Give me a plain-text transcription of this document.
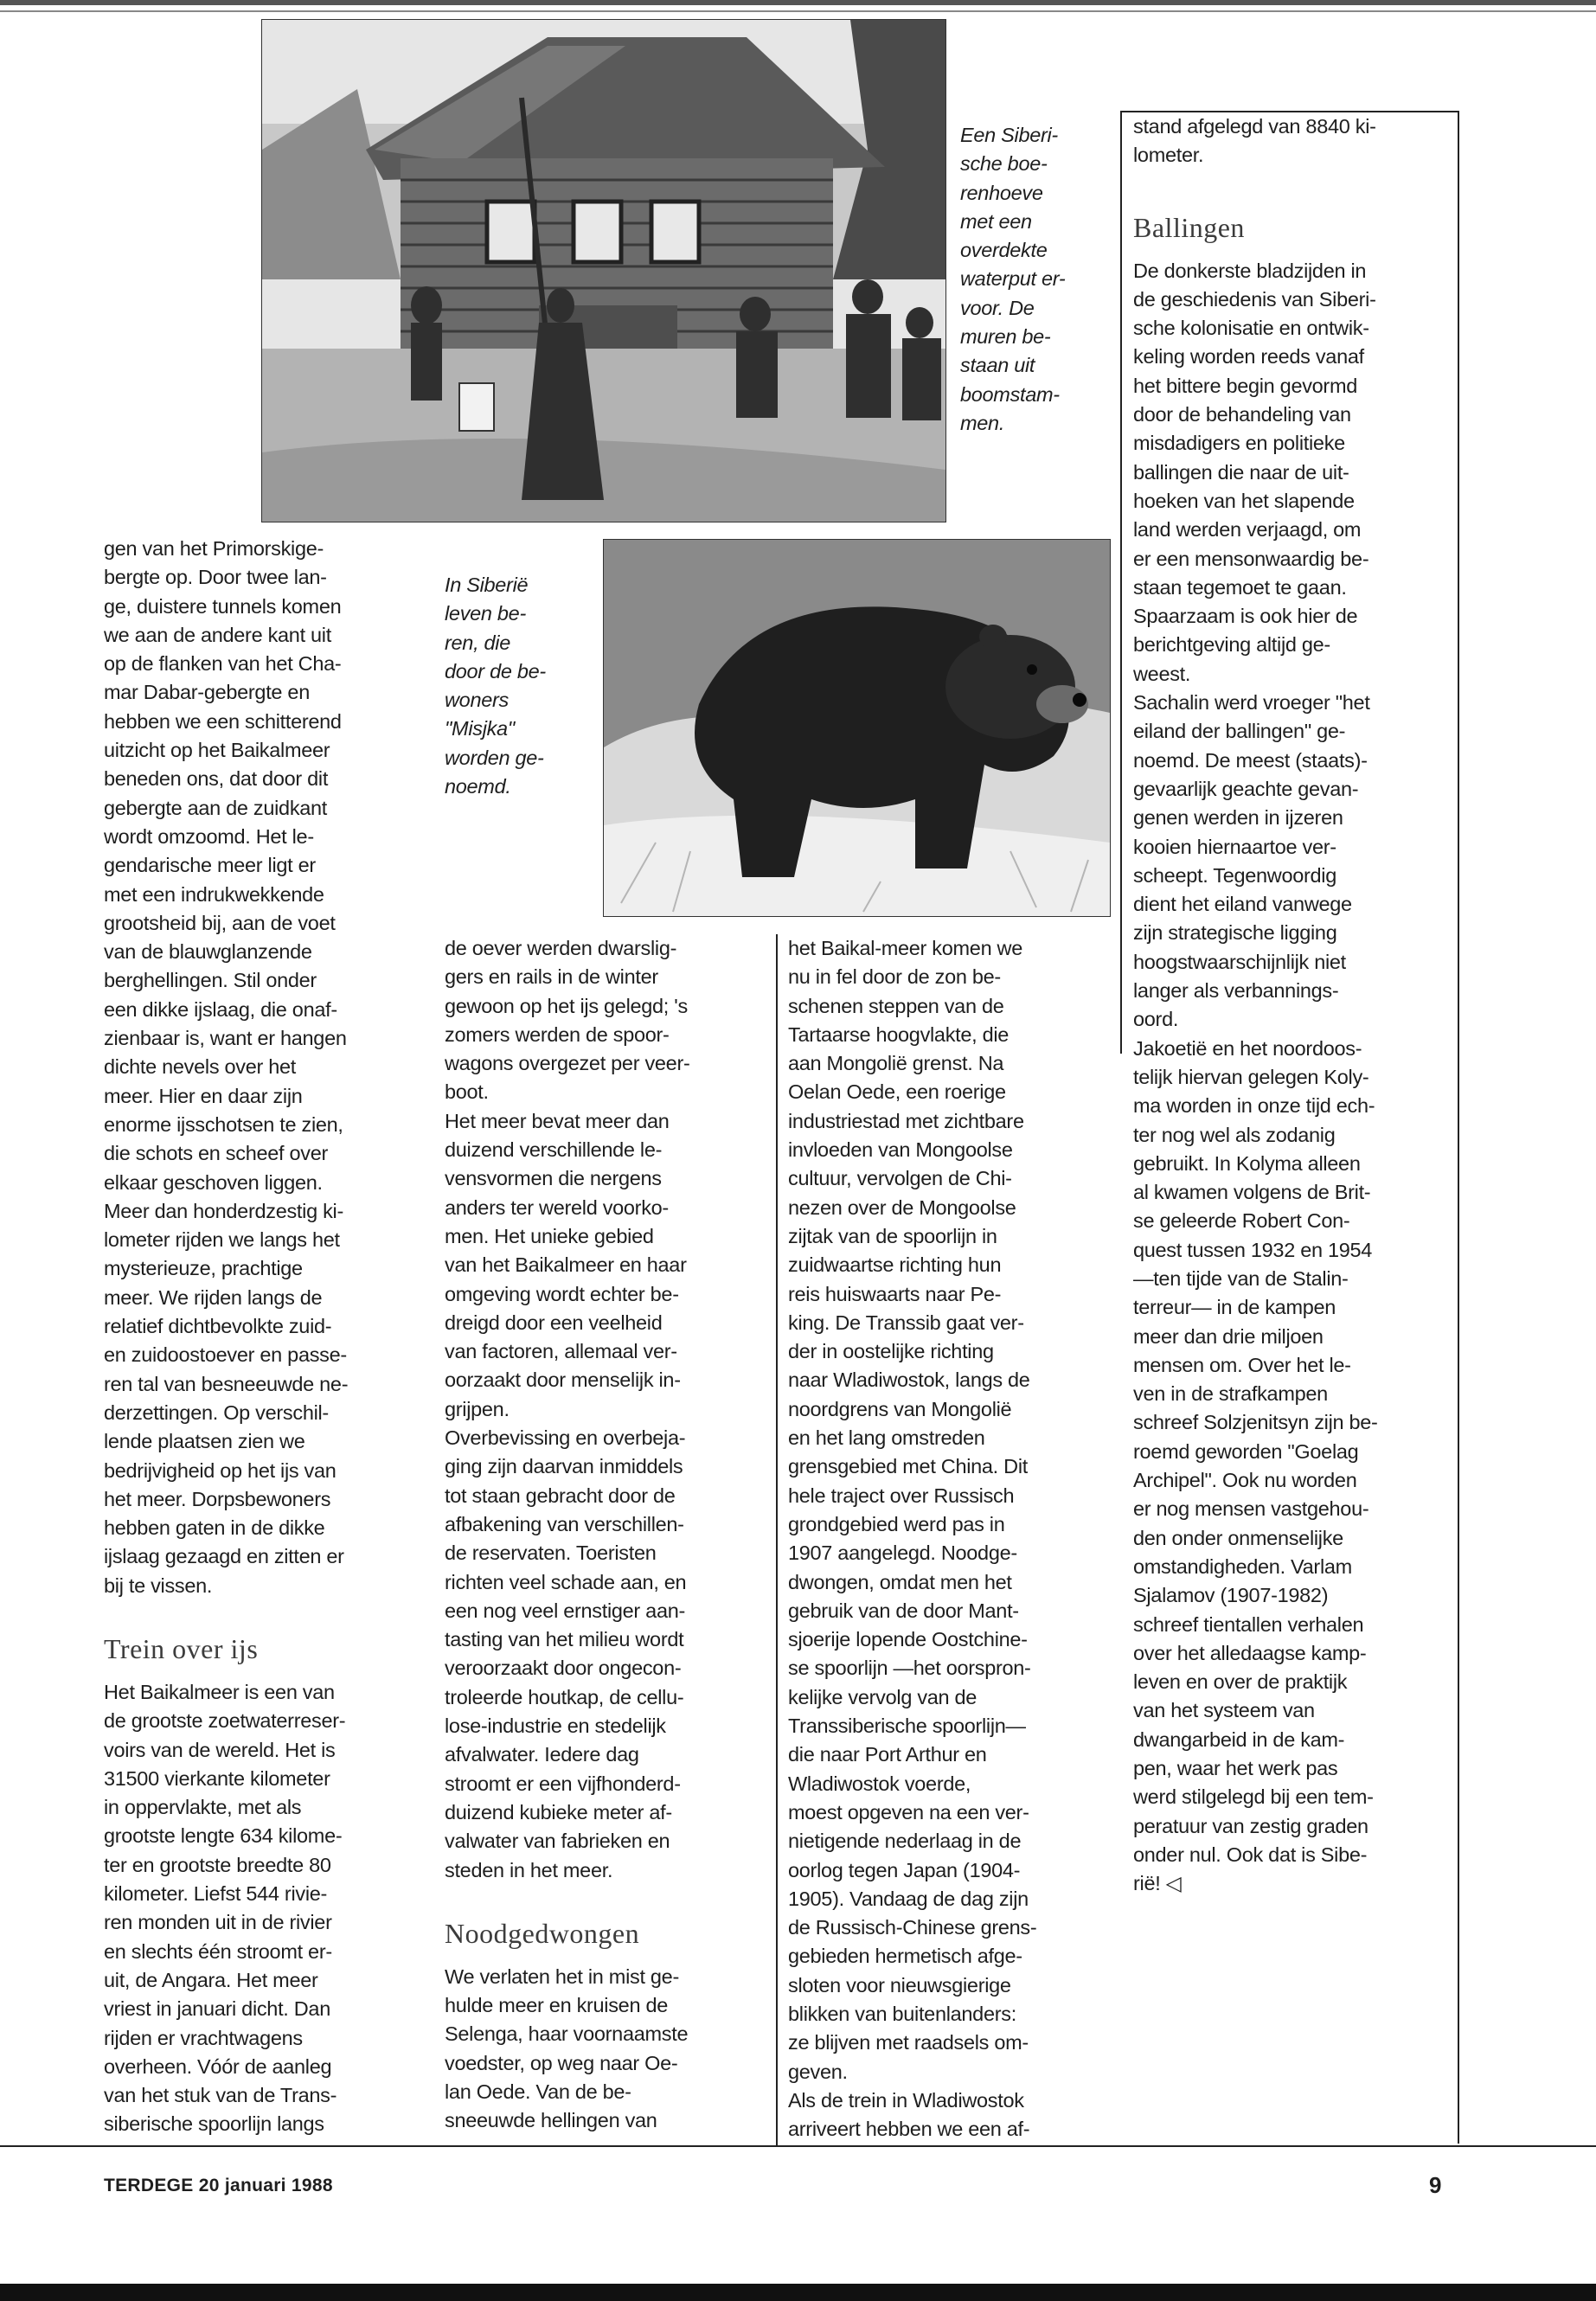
Een Siberi-
sche boe-
renhoeve
met een
overdekte
waterput er-
voor. De
muren be-
staan uit
boomstam-
men.
In Siberië
leven be-
ren, die
door de be-
woners
"Misjka"
worden ge-
noemd.

gen van het Primorskige-
bergte op. Door twee lan-
ge, duistere tunnels komen
we aan de andere kant uit
op de flanken van het Cha-
mar Dabar-gebergte en
hebben we een schitterend
uitzicht op het Baikalmeer
beneden ons, dat door dit
gebergte aan de zuidkant
wordt omzoomd. Het le-
gendarische meer ligt er
met een indrukwekkende
grootsheid bij, aan de voet
van de blauwglanzende
berghellingen. Stil onder
een dikke ijslaag, die onaf-
zienbaar is, want er hangen
dichte nevels over het
meer. Hier en daar zijn
enorme ijsschotsen te zien,
die schots en scheef over
elkaar geschoven liggen.
Meer dan honderdzestig ki-
lometer rijden we langs het
mysterieuze, prachtige
meer. We rijden langs de
relatief dichtbevolkte zuid-
en zuidoostoever en passe-
ren tal van besneeuwde ne-
derzettingen. Op verschil-
lende plaatsen zien we
bedrijvigheid op het ijs van
het meer. Dorpsbewoners
hebben gaten in de dikke
ijslaag gezaagd en zitten er
bij te vissen.

Trein over ijs

Het Baikalmeer is een van
de grootste zoetwaterreser-
voirs van de wereld. Het is
31500 vierkante kilometer
in oppervlakte, met als
grootste lengte 634 kilome-
ter en grootste breedte 80
kilometer. Liefst 544 rivie-
ren monden uit in de rivier
en slechts één stroomt er-
uit, de Angara. Het meer
vriest in januari dicht. Dan
rijden er vrachtwagens
overheen. Vóór de aanleg
van het stuk van de Trans-
siberische spoorlijn langs

de oever werden dwarslig-
gers en rails in de winter
gewoon op het ijs gelegd; 's
zomers werden de spoor-
wagons overgezet per veer-
boot.

Het meer bevat meer dan
duizend verschillende le-
vensvormen die nergens
anders ter wereld voorko-
men. Het unieke gebied
van het Baikalmeer en haar
omgeving wordt echter be-
dreigd door een veelheid
van factoren, allemaal ver-
oorzaakt door menselijk in-
grijpen.

Overbevissing en overbeja-
ging zijn daarvan inmiddels
tot staan gebracht door de
afbakening van verschillen-
de reservaten. Toeristen
richten veel schade aan, en
een nog veel ernstiger aan-
tasting van het milieu wordt
veroorzaakt door ongecon-
troleerde houtkap, de cellu-
lose-industrie en stedelijk
afvalwater. Iedere dag
stroomt er een vijfhonderd-
duizend kubieke meter af-
valwater van fabrieken en
steden in het meer.

Noodgedwongen

We verlaten het in mist ge-
hulde meer en kruisen de
Selenga, haar voornaamste
voedster, op weg naar Oe-
lan Oede. Van de be-
sneeuwde hellingen van

het Baikal-meer komen we
nu in fel door de zon be-
schenen steppen van de
Tartaarse hoogvlakte, die
aan Mongolië grenst. Na
Oelan Oede, een roerige
industriestad met zichtbare
invloeden van Mongoolse
cultuur, vervolgen de Chi-
nezen over de Mongoolse
zijtak van de spoorlijn in
zuidwaartse richting hun
reis huiswaarts naar Pe-
king. De Transsib gaat ver-
der in oostelijke richting
naar Wladiwostok, langs de
noordgrens van Mongolië
en het lang omstreden
grensgebied met China. Dit
hele traject over Russisch
grondgebied werd pas in
1907 aangelegd. Noodge-
dwongen, omdat men het
gebruik van de door Mant-
sjoerije lopende Oostchine-
se spoorlijn —het oorspron-
kelijke vervolg van de
Transsiberische spoorlijn—
die naar Port Arthur en
Wladiwostok voerde,
moest opgeven na een ver-
nietigende nederlaag in de
oorlog tegen Japan (1904-
1905). Vandaag de dag zijn
de Russisch-Chinese grens-
gebieden hermetisch afge-
sloten voor nieuwsgierige
blikken van buitenlanders:
ze blijven met raadsels om-
geven.

Als de trein in Wladiwostok
arriveert hebben we een af-

stand afgelegd van 8840 ki-
lometer.

Ballingen

De donkerste bladzijden in
de geschiedenis van Siberi-
sche kolonisatie en ontwik-
keling worden reeds vanaf
het bittere begin gevormd
door de behandeling van
misdadigers en politieke
ballingen die naar de uit-
hoeken van het slapende
land werden verjaagd, om
er een mensonwaardig be-
staan tegemoet te gaan.
Spaarzaam is ook hier de
berichtgeving altijd ge-
weest.

Sachalin werd vroeger "het
eiland der ballingen" ge-
noemd. De meest (staats)-
gevaarlijk geachte gevan-
genen werden in ijzeren
kooien hiernaartoe ver-
scheept. Tegenwoordig
dient het eiland vanwege
zijn strategische ligging
hoogstwaarschijnlijk niet
langer als verbannings-
oord.

Jakoetië en het noordoos-
telijk hiervan gelegen Koly-
ma worden in onze tijd ech-
ter nog wel als zodanig
gebruikt. In Kolyma alleen
al kwamen volgens de Brit-
se geleerde Robert Con-
quest tussen 1932 en 1954
—ten tijde van de Stalin-
terreur— in de kampen
meer dan drie miljoen
mensen om. Over het le-
ven in de strafkampen
schreef Solzjenitsyn zijn be-
roemd geworden "Goelag
Archipel". Ook nu worden
er nog mensen vastgehou-
den onder onmenselijke
omstandigheden. Varlam
Sjalamov (1907-1982)
schreef tientallen verhalen
over het alledaagse kamp-
leven en over de praktijk
van het systeem van
dwangarbeid in de kam-
pen, waar het werk pas
werd stilgelegd bij een tem-
peratuur van zestig graden
onder nul. Ook dat is Sibe-
rië! ◁

TERDEGE 20 januari 1988	9
